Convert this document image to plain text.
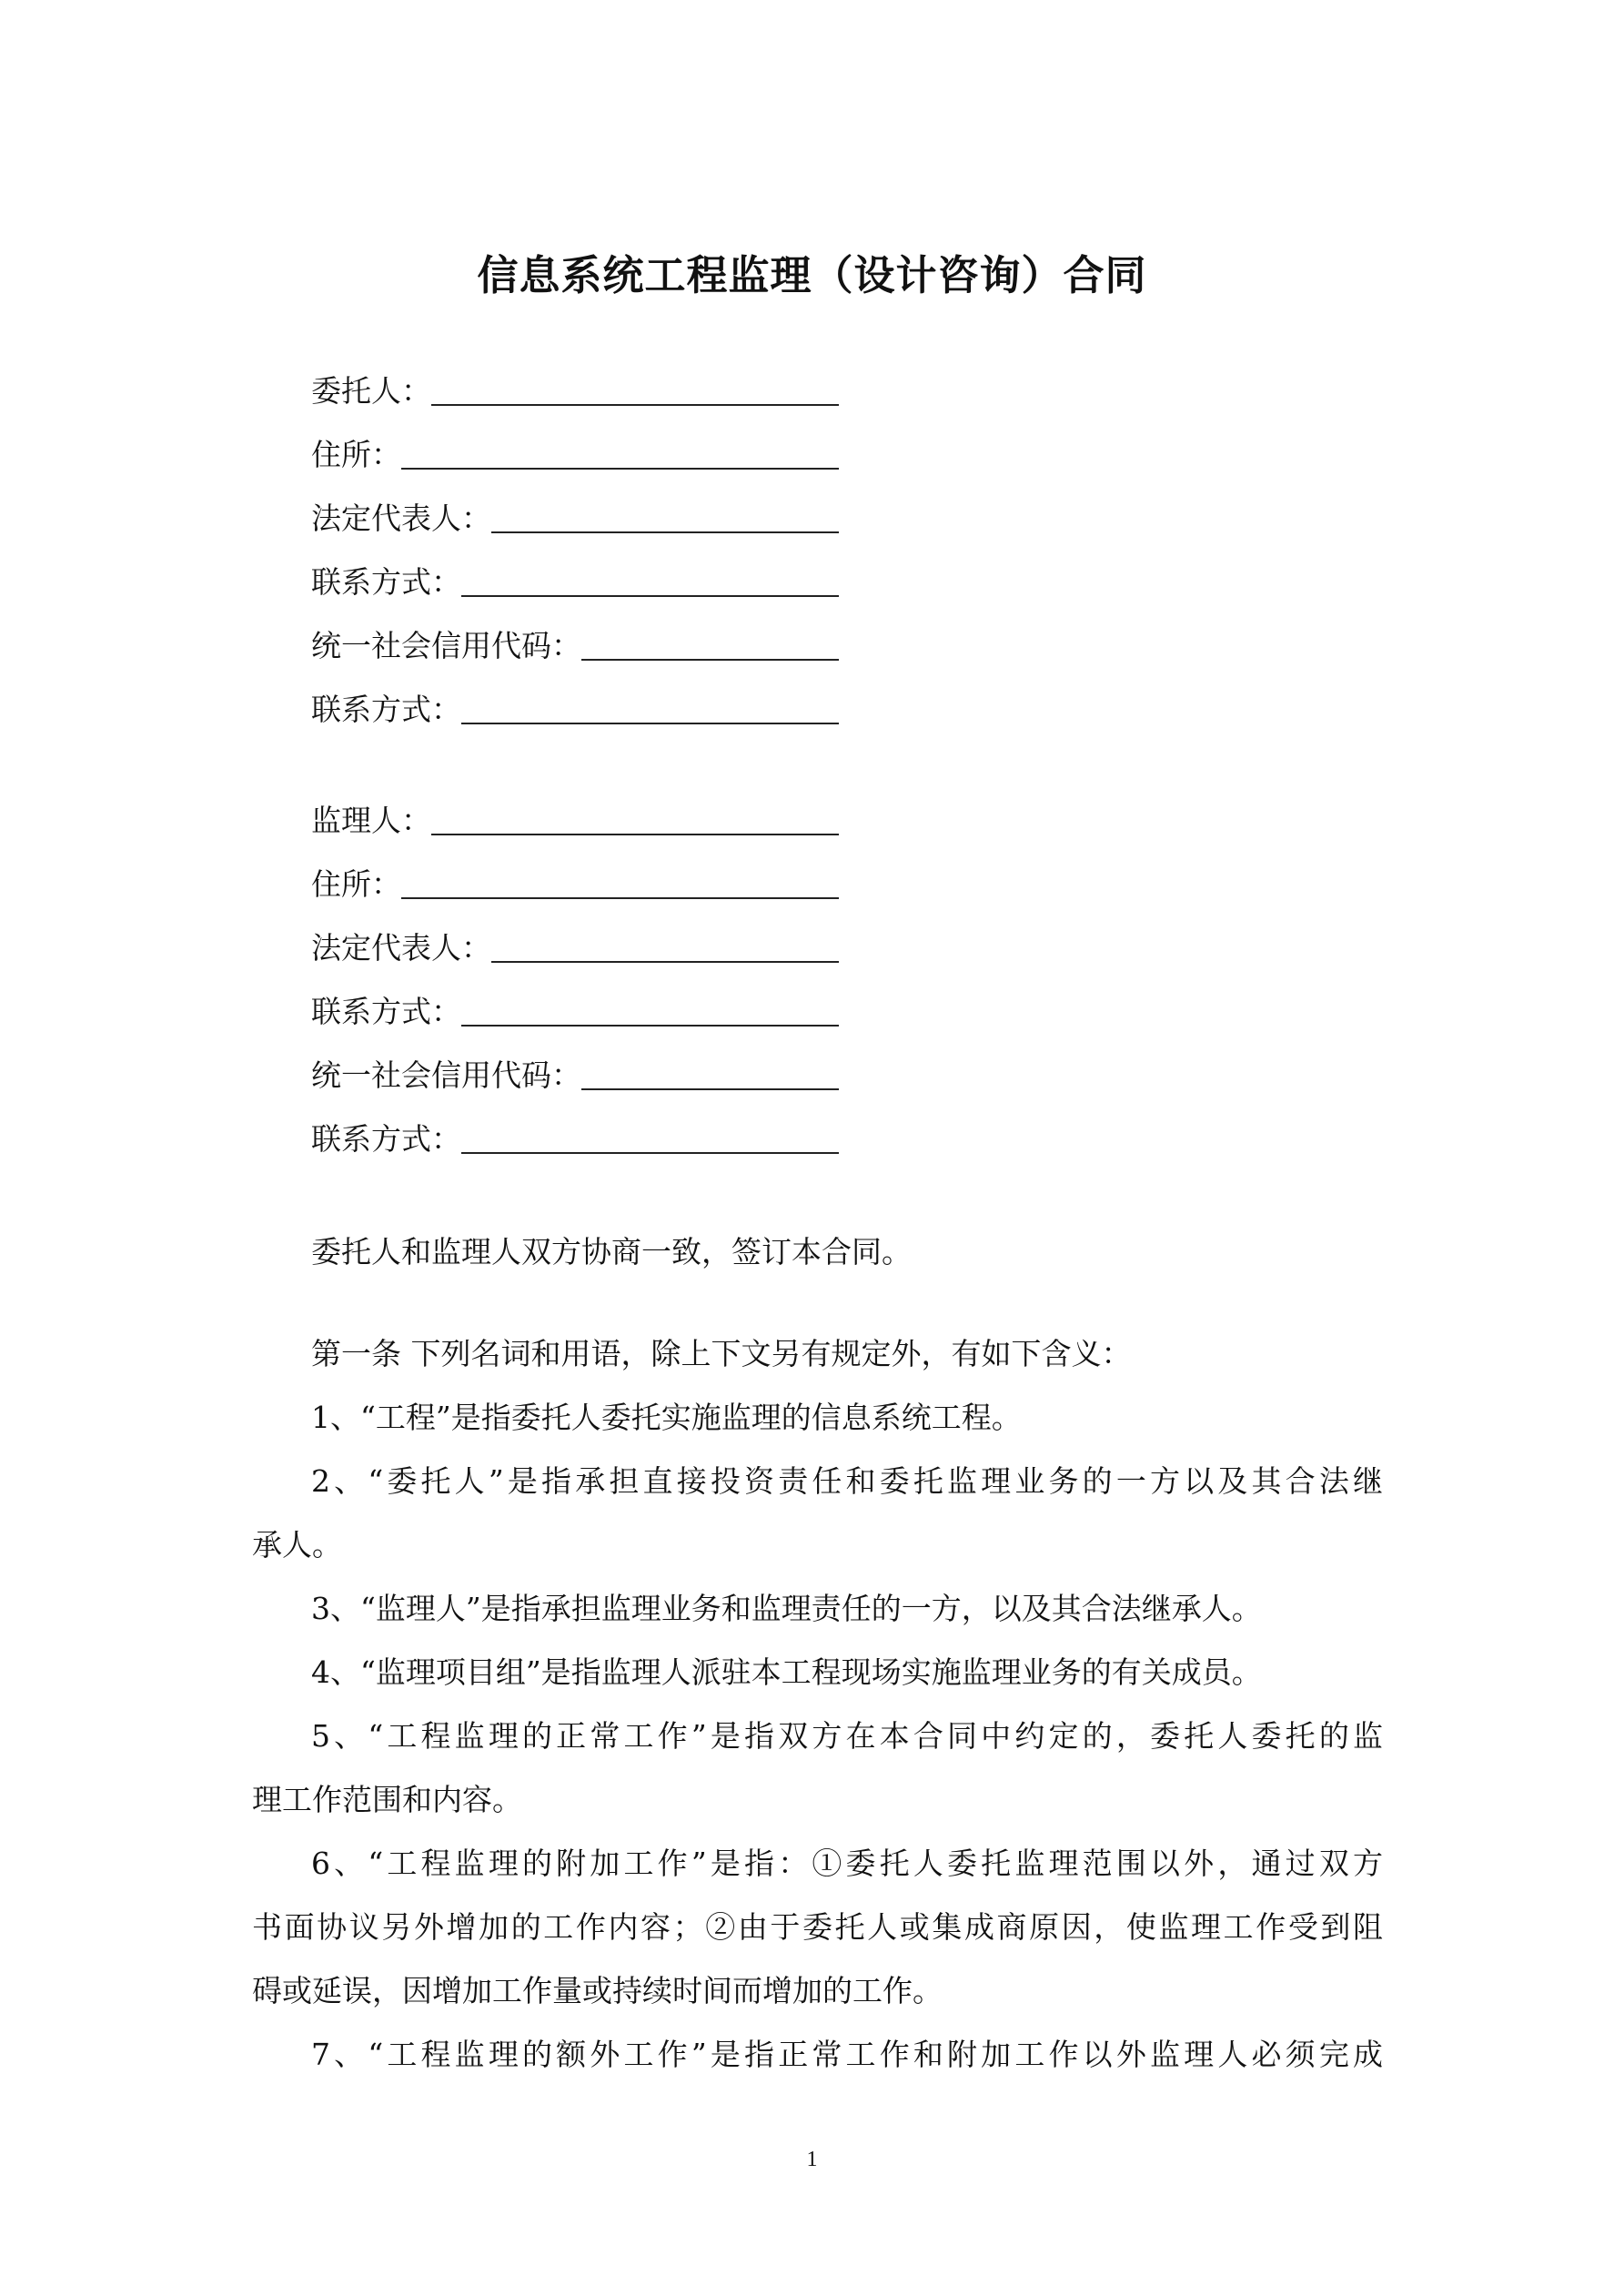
信息系统工程监理（设计咨询）合同
委托人：
住所：
法定代表人：
联系方式：
统一社会信用代码：
联系方式：
监理人：
住所：
法定代表人：
联系方式：
统一社会信用代码：
联系方式：
委托人和监理人双方协商一致，签订本合同。
第一条 下列名词和用语，除上下文另有规定外，有如下含义：
1、“工程”是指委托人委托实施监理的信息系统工程。
2、“委托人”是指承担直接投资责任和委托监理业务的一方以及其合法继
承人。
3、“监理人”是指承担监理业务和监理责任的一方，以及其合法继承人。
4、“监理项目组”是指监理人派驻本工程现场实施监理业务的有关成员。
5、“工程监理的正常工作”是指双方在本合同中约定的，委托人委托的监
理工作范围和内容。
6、“工程监理的附加工作”是指：①委托人委托监理范围以外，通过双方
书面协议另外增加的工作内容；②由于委托人或集成商原因，使监理工作受到阻
碍或延误，因增加工作量或持续时间而增加的工作。
7、“工程监理的额外工作”是指正常工作和附加工作以外监理人必须完成
1
